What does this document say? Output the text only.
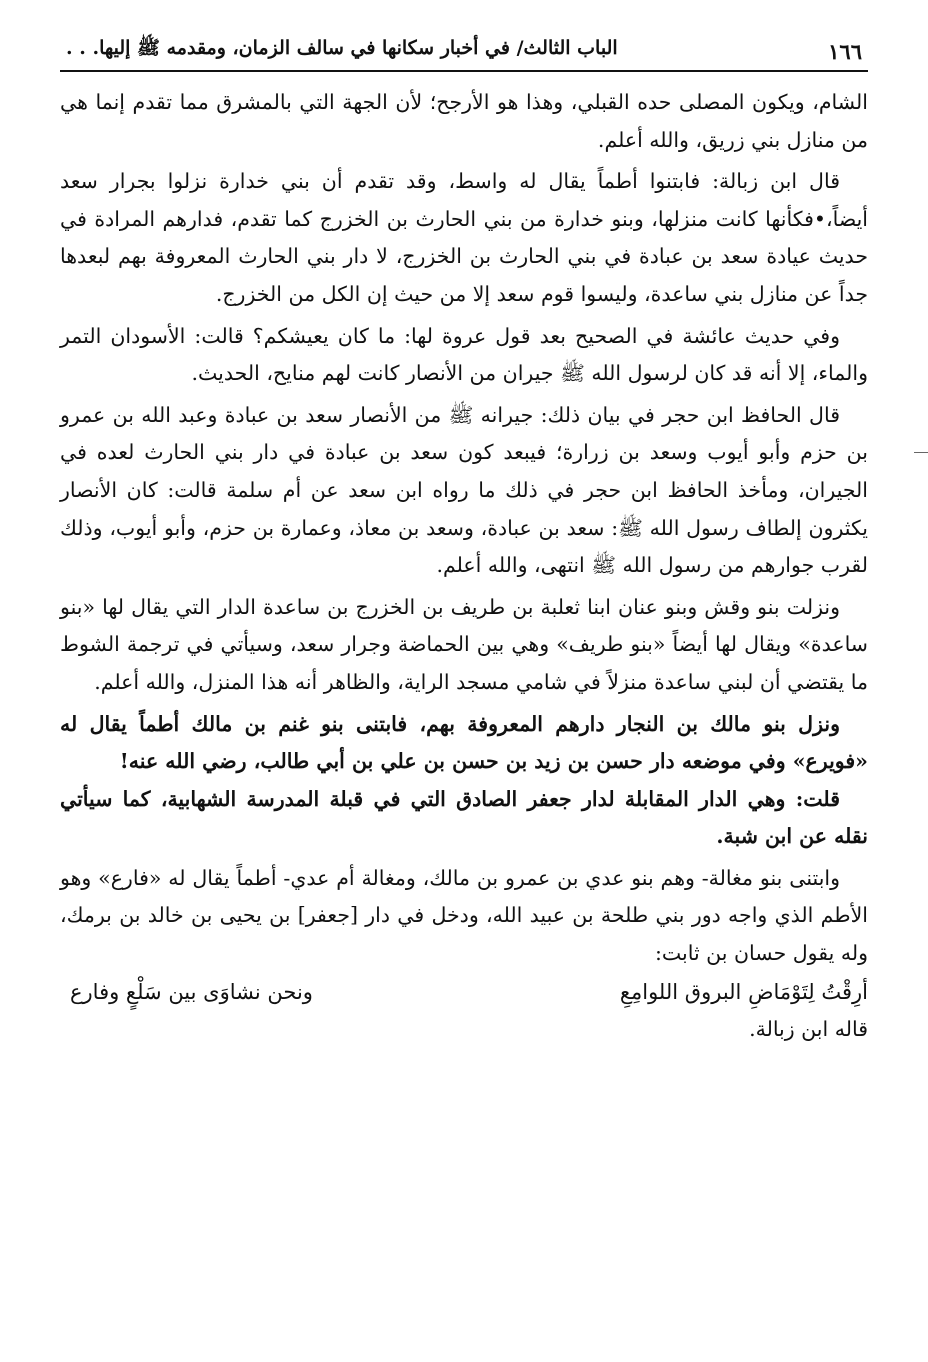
١٦٦
الباب الثالث/ في أخبار سكانها في سالف الزمان، ومقدمه ﷺ إليها. . .

الشام، ويكون المصلى حده القبلي، وهذا هو الأرجح؛ لأن الجهة التي بالمشرق مما تقدم إنما هي من منازل بني زريق، والله أعلم.

قال ابن زبالة: فابتنوا أطماً يقال له واسط، وقد تقدم أن بني خدارة نزلوا بجرار سعد أيضاً،•فكأنها كانت منزلها، وبنو خدارة من بني الحارث بن الخزرج كما تقدم، فدارهم المرادة في حديث عيادة سعد بن عبادة في بني الحارث بن الخزرج، لا دار بني الحارث المعروفة بهم لبعدها جداً عن منازل بني ساعدة، وليسوا قوم سعد إلا من حيث إن الكل من الخزرج.

وفي حديث عائشة في الصحيح بعد قول عروة لها: ما كان يعيشكم؟ قالت: الأسودان التمر والماء، إلا أنه قد كان لرسول الله ﷺ جيران من الأنصار كانت لهم منايح، الحديث.

قال الحافظ ابن حجر في بيان ذلك: جيرانه ﷺ من الأنصار سعد بن عبادة وعبد الله بن عمرو بن حزم وأبو أيوب وسعد بن زرارة؛ فيبعد كون سعد بن عبادة في دار بني الحارث لعده في الجيران، ومأخذ الحافظ ابن حجر في ذلك ما رواه ابن سعد عن أم سلمة قالت: كان الأنصار يكثرون إلطاف رسول الله ﷺ: سعد بن عبادة، وسعد بن معاذ، وعمارة بن حزم، وأبو أيوب، وذلك لقرب جوارهم من رسول الله ﷺ انتهى، والله أعلم.

ونزلت بنو وقش وبنو عنان ابنا ثعلبة بن طريف بن الخزرج بن ساعدة الدار التي يقال لها «بنو ساعدة» ويقال لها أيضاً «بنو طريف» وهي بين الحماضة وجرار سعد، وسيأتي في ترجمة الشوط ما يقتضي أن لبني ساعدة منزلاً في شامي مسجد الراية، والظاهر أنه هذا المنزل، والله أعلم.

ونزل بنو مالك بن النجار دارهم المعروفة بهم، فابتنى بنو غنم بن مالك أطماً يقال له «فويرع» وفي موضعه دار حسن بن زيد بن حسن بن علي بن أبي طالب، رضي الله عنه!

قلت: وهي الدار المقابلة لدار جعفر الصادق التي في قبلة المدرسة الشهابية، كما سيأتي نقله عن ابن شبة.

وابتنى بنو مغالة- وهم بنو عدي بن عمرو بن مالك، ومغالة أم عدي- أطماً يقال له «فارع» وهو الأطم الذي واجه دور بني طلحة بن عبيد الله، ودخل في دار [جعفر] بن يحيى بن خالد بن برمك، وله يقول حسان بن ثابت:

أرِقْتُ لِتَوْمَاضِ البروق اللوامِعِ
ونحن نشاوَى بين سَلْعٍ وفارع

قاله ابن زبالة.
